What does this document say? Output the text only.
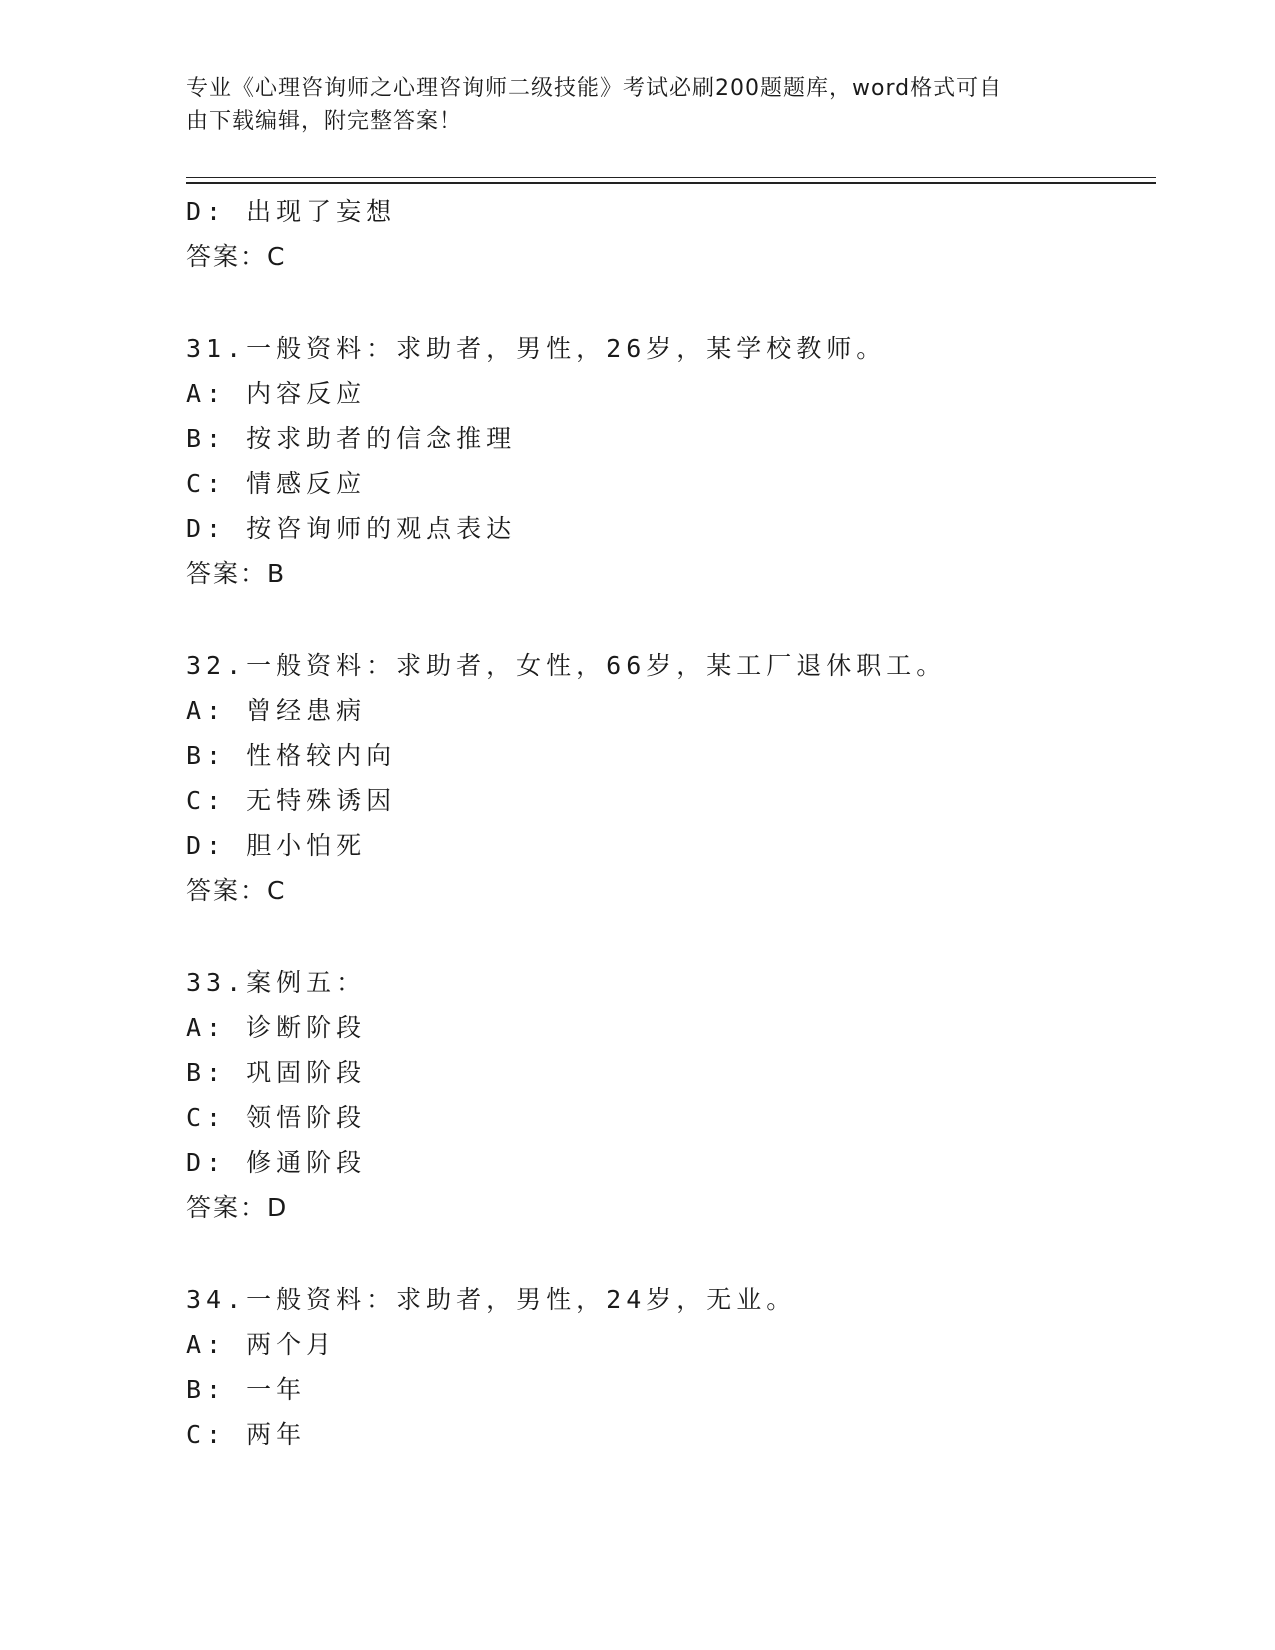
专业《心理咨询师之心理咨询师二级技能》考试必刷200题题库，word格式可自
由下载编辑，附完整答案！
D: 出现了妄想
答案：C
31.一般资料：求助者，男性，26岁，某学校教师。
A: 内容反应
B: 按求助者的信念推理
C: 情感反应
D: 按咨询师的观点表达
答案：B
32.一般资料：求助者，女性，66岁，某工厂退休职工。
A: 曾经患病
B: 性格较内向
C: 无特殊诱因
D: 胆小怕死
答案：C
33.案例五：
A: 诊断阶段
B: 巩固阶段
C: 领悟阶段
D: 修通阶段
答案：D
34.一般资料：求助者，男性，24岁，无业。
A: 两个月
B: 一年
C: 两年
